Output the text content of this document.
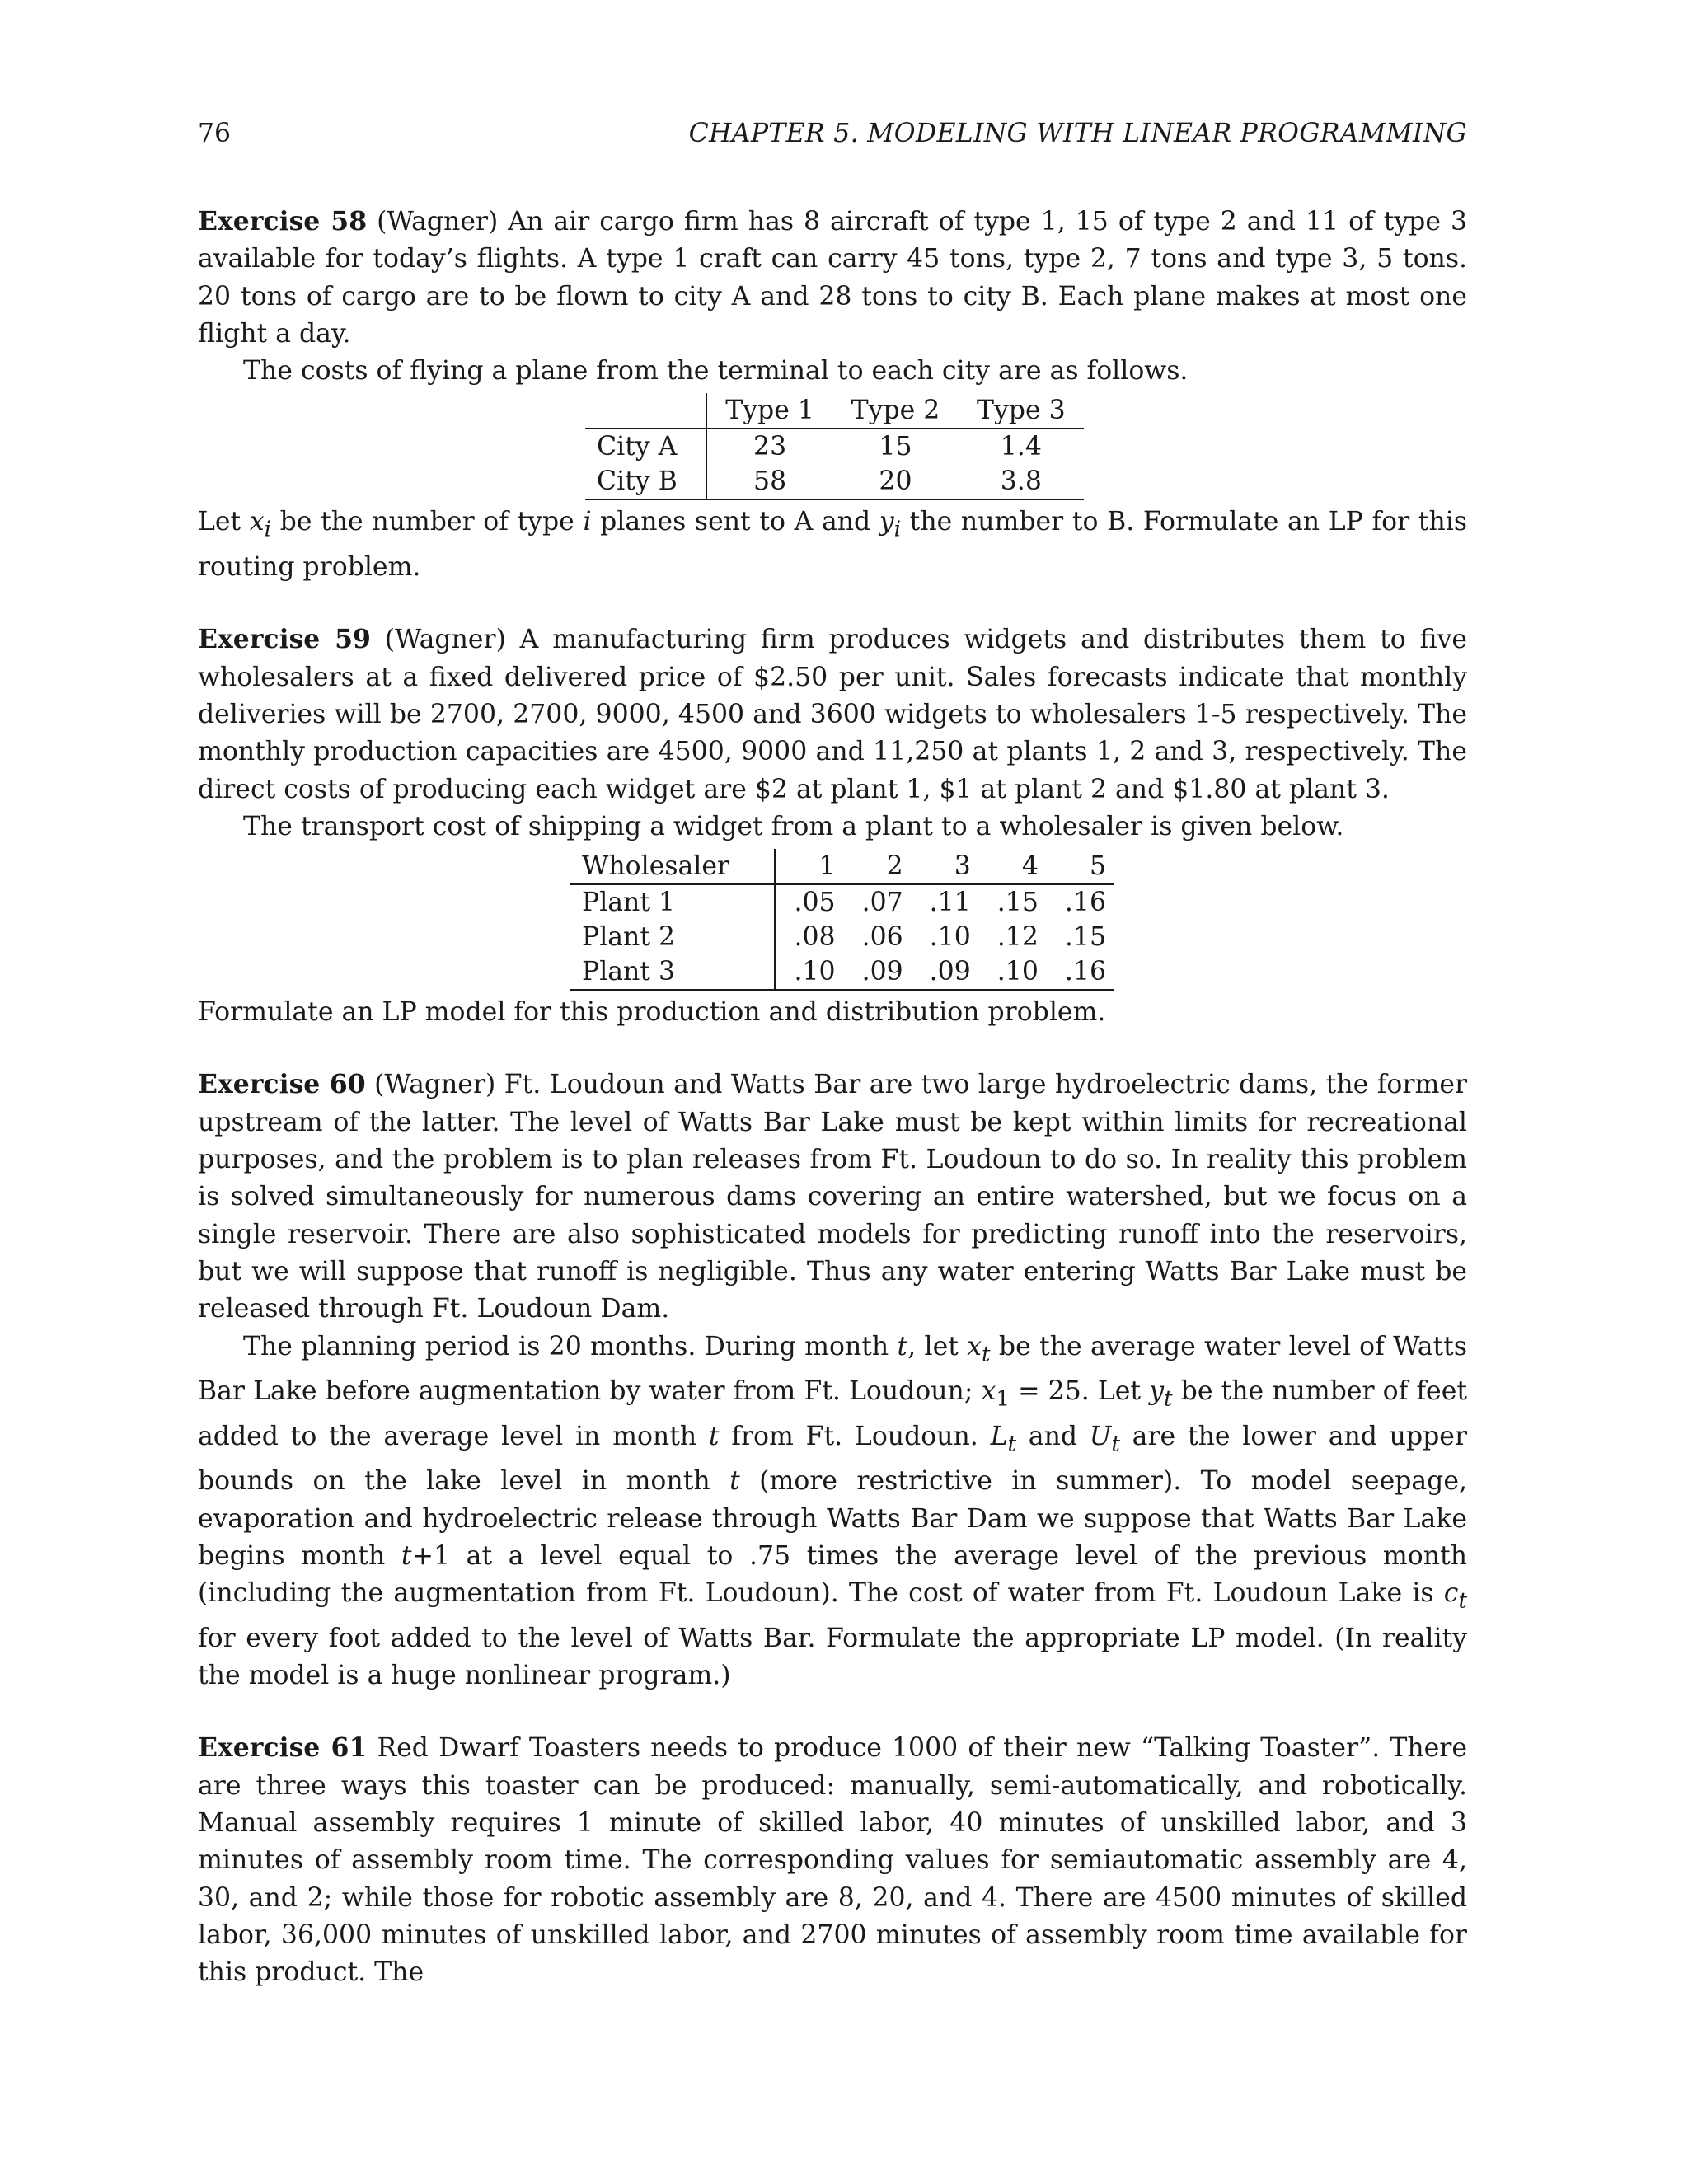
76	CHAPTER 5. MODELING WITH LINEAR PROGRAMMING

Exercise 58 (Wagner) An air cargo firm has 8 aircraft of type 1, 15 of type 2 and 11 of type 3 available for today’s flights. A type 1 craft can carry 45 tons, type 2, 7 tons and type 3, 5 tons. 20 tons of cargo are to be flown to city A and 28 tons to city B. Each plane makes at most one flight a day.

The costs of flying a plane from the terminal to each city are as follows.

	Type 1	Type 2	Type 3
City A	23	15	1.4
City B	58	20	3.8

Let $x_i$ be the number of type i planes sent to A and $y_i$ the number to B. Formulate an LP for this routing problem.

Exercise 59 (Wagner) A manufacturing firm produces widgets and distributes them to five wholesalers at a fixed delivered price of $2.50 per unit. Sales forecasts indicate that monthly deliveries will be 2700, 2700, 9000, 4500 and 3600 widgets to wholesalers 1-5 respectively. The monthly production capacities are 4500, 9000 and 11,250 at plants 1, 2 and 3, respectively. The direct costs of producing each widget are $2 at plant 1, $1 at plant 2 and $1.80 at plant 3.

The transport cost of shipping a widget from a plant to a wholesaler is given below.

Wholesaler	1	2	3	4	5
Plant 1	.05	.07	.11	.15	.16
Plant 2	.08	.06	.10	.12	.15
Plant 3	.10	.09	.09	.10	.16

Formulate an LP model for this production and distribution problem.

Exercise 60 (Wagner) Ft. Loudoun and Watts Bar are two large hydroelectric dams, the former upstream of the latter. The level of Watts Bar Lake must be kept within limits for recreational purposes, and the problem is to plan releases from Ft. Loudoun to do so. In reality this problem is solved simultaneously for numerous dams covering an entire watershed, but we focus on a single reservoir. There are also sophisticated models for predicting runoff into the reservoirs, but we will suppose that runoff is negligible. Thus any water entering Watts Bar Lake must be released through Ft. Loudoun Dam.

The planning period is 20 months. During month t, let $x_t$ be the average water level of Watts Bar Lake before augmentation by water from Ft. Loudoun; $x_1 = 25$. Let $y_t$ be the number of feet added to the average level in month t from Ft. Loudoun. $L_t$ and $U_t$ are the lower and upper bounds on the lake level in month t (more restrictive in summer). To model seepage, evaporation and hydroelectric release through Watts Bar Dam we suppose that Watts Bar Lake begins month t+1 at a level equal to .75 times the average level of the previous month (including the augmentation from Ft. Loudoun). The cost of water from Ft. Loudoun Lake is $c_t$ for every foot added to the level of Watts Bar. Formulate the appropriate LP model. (In reality the model is a huge nonlinear program.)

Exercise 61 Red Dwarf Toasters needs to produce 1000 of their new “Talking Toaster”. There are three ways this toaster can be produced: manually, semi-automatically, and robotically. Manual assembly requires 1 minute of skilled labor, 40 minutes of unskilled labor, and 3 minutes of assembly room time. The corresponding values for semiautomatic assembly are 4, 30, and 2; while those for robotic assembly are 8, 20, and 4. There are 4500 minutes of skilled labor, 36,000 minutes of unskilled labor, and 2700 minutes of assembly room time available for this product. The
